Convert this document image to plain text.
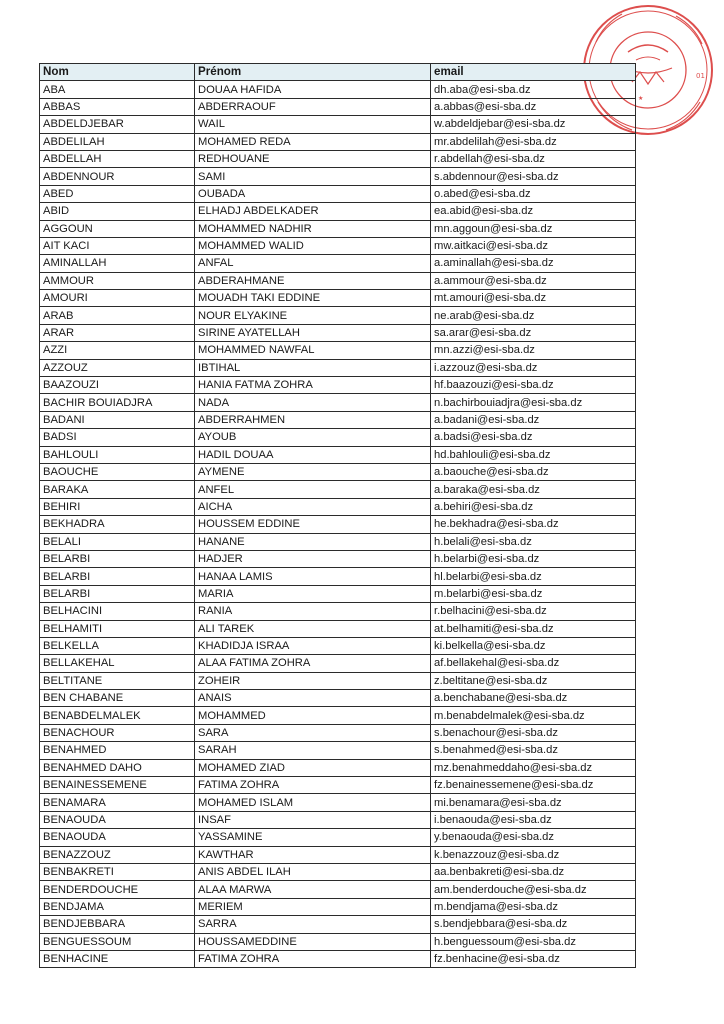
01
★
Nom	Prénom	email
ABA	DOUAA HAFIDA	dh.aba@esi-sba.dz
ABBAS	ABDERRAOUF	a.abbas@esi-sba.dz
ABDELDJEBAR	WAIL	w.abdeldjebar@esi-sba.dz
ABDELILAH	MOHAMED REDA	mr.abdelilah@esi-sba.dz
ABDELLAH	REDHOUANE	r.abdellah@esi-sba.dz
ABDENNOUR	SAMI	s.abdennour@esi-sba.dz
ABED	OUBADA	o.abed@esi-sba.dz
ABID	ELHADJ ABDELKADER	ea.abid@esi-sba.dz
AGGOUN	MOHAMMED NADHIR	mn.aggoun@esi-sba.dz
AIT KACI	MOHAMMED WALID	mw.aitkaci@esi-sba.dz
AMINALLAH	ANFAL	a.aminallah@esi-sba.dz
AMMOUR	ABDERAHMANE	a.ammour@esi-sba.dz
AMOURI	MOUADH TAKI EDDINE	mt.amouri@esi-sba.dz
ARAB	NOUR ELYAKINE	ne.arab@esi-sba.dz
ARAR	SIRINE AYATELLAH	sa.arar@esi-sba.dz
AZZI	MOHAMMED NAWFAL	mn.azzi@esi-sba.dz
AZZOUZ	IBTIHAL	i.azzouz@esi-sba.dz
BAAZOUZI	HANIA FATMA ZOHRA	hf.baazouzi@esi-sba.dz
BACHIR BOUIADJRA	NADA	n.bachirbouiadjra@esi-sba.dz
BADANI	ABDERRAHMEN	a.badani@esi-sba.dz
BADSI	AYOUB	a.badsi@esi-sba.dz
BAHLOULI	HADIL DOUAA	hd.bahlouli@esi-sba.dz
BAOUCHE	AYMENE	a.baouche@esi-sba.dz
BARAKA	ANFEL	a.baraka@esi-sba.dz
BEHIRI	AICHA	a.behiri@esi-sba.dz
BEKHADRA	HOUSSEM EDDINE	he.bekhadra@esi-sba.dz
BELALI	HANANE	h.belali@esi-sba.dz
BELARBI	HADJER	h.belarbi@esi-sba.dz
BELARBI	HANAA LAMIS	hl.belarbi@esi-sba.dz
BELARBI	MARIA	m.belarbi@esi-sba.dz
BELHACINI	RANIA	r.belhacini@esi-sba.dz
BELHAMITI	ALI TAREK	at.belhamiti@esi-sba.dz
BELKELLA	KHADIDJA ISRAA	ki.belkella@esi-sba.dz
BELLAKEHAL	ALAA FATIMA ZOHRA	af.bellakehal@esi-sba.dz
BELTITANE	ZOHEIR	z.beltitane@esi-sba.dz
BEN CHABANE	ANAIS	a.benchabane@esi-sba.dz
BENABDELMALEK	MOHAMMED	m.benabdelmalek@esi-sba.dz
BENACHOUR	SARA	s.benachour@esi-sba.dz
BENAHMED	SARAH	s.benahmed@esi-sba.dz
BENAHMED DAHO	MOHAMED ZIAD	mz.benahmeddaho@esi-sba.dz
BENAINESSEMENE	FATIMA ZOHRA	fz.benainessemene@esi-sba.dz
BENAMARA	MOHAMED ISLAM	mi.benamara@esi-sba.dz
BENAOUDA	INSAF	i.benaouda@esi-sba.dz
BENAOUDA	YASSAMINE	y.benaouda@esi-sba.dz
BENAZZOUZ	KAWTHAR	k.benazzouz@esi-sba.dz
BENBAKRETI	ANIS ABDEL ILAH	aa.benbakreti@esi-sba.dz
BENDERDOUCHE	ALAA MARWA	am.benderdouche@esi-sba.dz
BENDJAMA	MERIEM	m.bendjama@esi-sba.dz
BENDJEBBARA	SARRA	s.bendjebbara@esi-sba.dz
BENGUESSOUM	HOUSSAMEDDINE	h.benguessoum@esi-sba.dz
BENHACINE	FATIMA ZOHRA	fz.benhacine@esi-sba.dz
